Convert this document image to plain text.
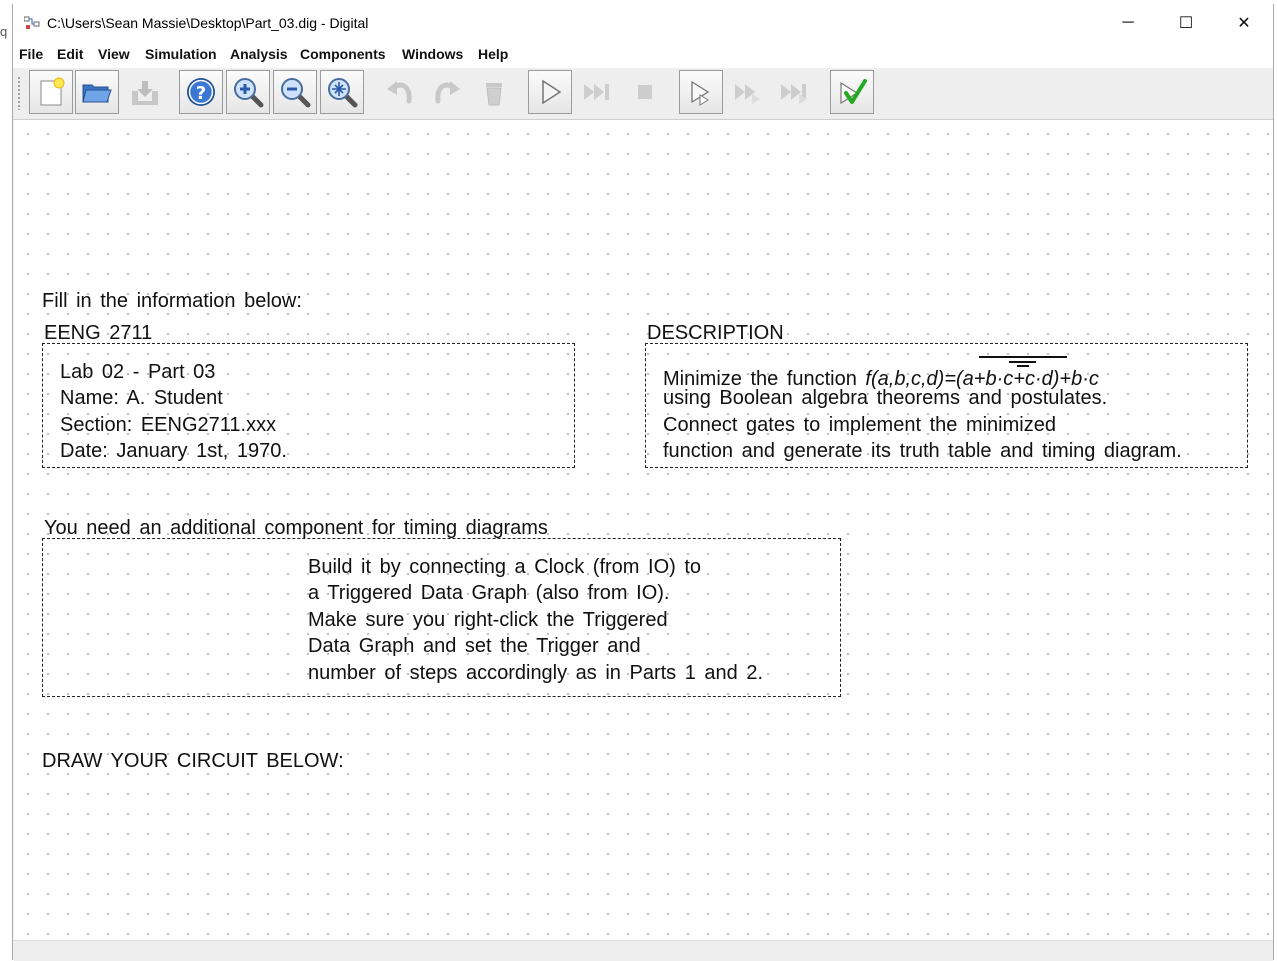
q
C:\Users\Sean Massie\Desktop\Part_03.dig - Digital	─	☐	✕
File Edit View Simulation Analysis Components Windows Help
?
Fill in the information below:
EENG 2711
Lab 02 - Part 03
Name: A. Student
Section: EENG2711.xxx
Date: January 1st, 1970.
DESCRIPTION
Minimize the function f(a,b,c,d)=(a+b·c+c·d)+b·c
using Boolean algebra theorems and postulates.
Connect gates to implement the minimized
function and generate its truth table and timing diagram.
You need an additional component for timing diagrams
Build it by connecting a Clock (from IO) to
a Triggered Data Graph (also from IO).
Make sure you right-click the Triggered
Data Graph and set the Trigger and
number of steps accordingly as in Parts 1 and 2.
DRAW YOUR CIRCUIT BELOW:
